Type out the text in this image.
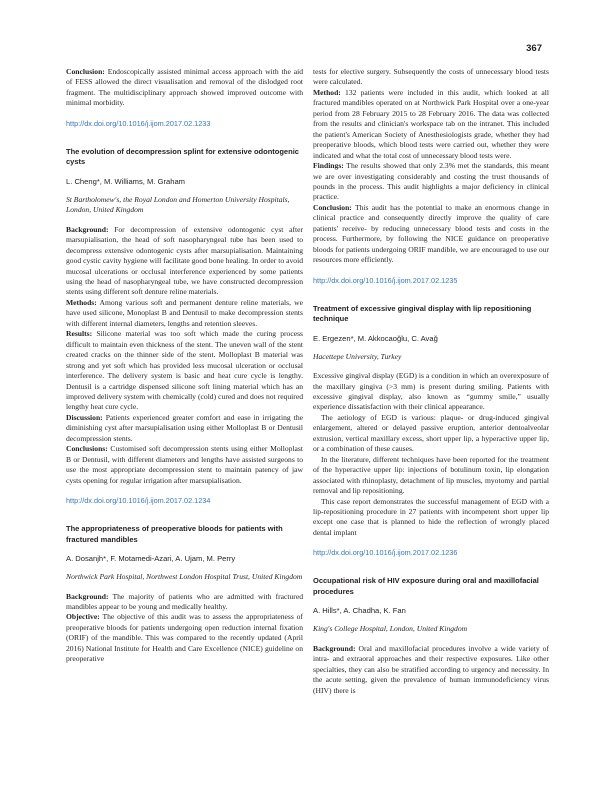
367

Conclusion: Endoscopically assisted minimal access approach with the aid of FESS allowed the direct visualisation and removal of the dislodged root fragment. The multidisciplinary approach showed improved outcome with minimal morbidity.

http://dx.doi.org/10.1016/j.ijom.2017.02.1233
The evolution of decompression splint for extensive odontogenic cysts
L. Cheng*, M. Williams, M. Graham
St Bartholomew's, the Royal London and Homerton University Hospitals, London, United Kingdom

Background: For decompression of extensive odontogenic cyst after marsupialisation, the head of soft nasopharyngeal tube has been used to decompress extensive odontogenic cysts after marsupialisation. Maintaining good cystic cavity hygiene will facilitate good bone healing. In order to avoid mucosal ulcerations or occlusal interference experienced by some patients using the head of nasopharyngeal tube, we have constructed decompression stents using different soft denture reline materials.

Methods: Among various soft and permanent denture reline materials, we have used silicone, Monoplast B and Dentusil to make decompression stents with different internal diameters, lengths and retention sleeves.

Results: Silicone material was too soft which made the curing process difficult to maintain even thickness of the stent. The uneven wall of the stent created cracks on the thinner side of the stent. Molloplast B material was strong and yet soft which has provided less mucosal ulceration or occlusal interference. The delivery system is basic and heat cure cycle is lengthy. Dentusil is a cartridge dispensed silicone soft lining material which has an improved delivery system with chemically (cold) cured and does not required lengthy heat cure cycle.

Discussion: Patients experienced greater comfort and ease in irrigating the diminishing cyst after marsupialisation using either Molloplast B or Dentusil decompression stents.

Conclusions: Customised soft decompression stents using either Molloplast B or Dentusil, with different diameters and lengths have assisted surgeons to use the most appropriate decompression stent to maintain patency of jaw cysts opening for regular irrigation after marsupialisation.

http://dx.doi.org/10.1016/j.ijom.2017.02.1234
The appropriateness of preoperative bloods for patients with fractured mandibles
A. Dosanjh*, F. Motamedi-Azari, A. Ujam, M. Perry
Northwick Park Hospital, Northwest London Hospital Trust, United Kingdom

Background: The majority of patients who are admitted with fractured mandibles appear to be young and medically healthy.

Objective: The objective of this audit was to assess the appropriateness of preoperative bloods for patients undergoing open reduction internal fixation (ORIF) of the mandible. This was compared to the recently updated (April 2016) National Institute for Health and Care Excellence (NICE) guideline on preoperative

tests for elective surgery. Subsequently the costs of unnecessary blood tests were calculated.

Method: 132 patients were included in this audit, which looked at all fractured mandibles operated on at Northwick Park Hospital over a one-year period from 28 February 2015 to 28 February 2016. The data was collected from the results and clinician's workspace tab on the intranet. This included the patient's American Society of Anesthesiologists grade, whether they had preoperative bloods, which blood tests were carried out, whether they were indicated and what the total cost of unnecessary blood tests were.

Findings: The results showed that only 2.3% met the standards, this meant we are over investigating considerably and costing the trust thousands of pounds in the process. This audit highlights a major deficiency in clinical practice.

Conclusion: This audit has the potential to make an enormous change in clinical practice and consequently directly improve the quality of care patients' receive- by reducing unnecessary blood tests and costs in the process. Furthermore, by following the NICE guidance on preoperative bloods for patients undergoing ORIF mandible, we are encouraged to use our resources more efficiently.

http://dx.doi.org/10.1016/j.ijom.2017.02.1235
Treatment of excessive gingival display with lip repositioning technique
E. Ergezen*, M. Akkocaoğlu, C. Avağ
Hacettepe University, Turkey

Excessive gingival display (EGD) is a condition in which an overexposure of the maxillary gingiva (>3 mm) is present during smiling. Patients with excessive gingival display, also known as “gummy smile,” usually experience dissatisfaction with their clinical appearance.

The aetiology of EGD is various: plaque- or drug-induced gingival enlargement, altered or delayed passive eruption, anterior dentoalveolar extrusion, vertical maxillary excess, short upper lip, a hyperactive upper lip, or a combination of these causes.

In the literature, different techniques have been reported for the treatment of the hyperactive upper lip: injections of botulinum toxin, lip elongation associated with rhinoplasty, detachment of lip muscles, myotomy and partial removal and lip repositioning.

This case report demonstrates the successful management of EGD with a lip-repositioning procedure in 27 patients with incompetent short upper lip except one case that is planned to hide the reflection of wrongly placed dental implant

http://dx.doi.org/10.1016/j.ijom.2017.02.1236
Occupational risk of HIV exposure during oral and maxillofacial procedures
A. Hills*, A. Chadha, K. Fan
King's College Hospital, London, United Kingdom

Background: Oral and maxillofacial procedures involve a wide variety of intra- and extraoral approaches and their respective exposures. Like other specialties, they can also be stratified according to urgency and necessity. In the acute setting, given the prevalence of human immunodeficiency virus (HIV) there is
